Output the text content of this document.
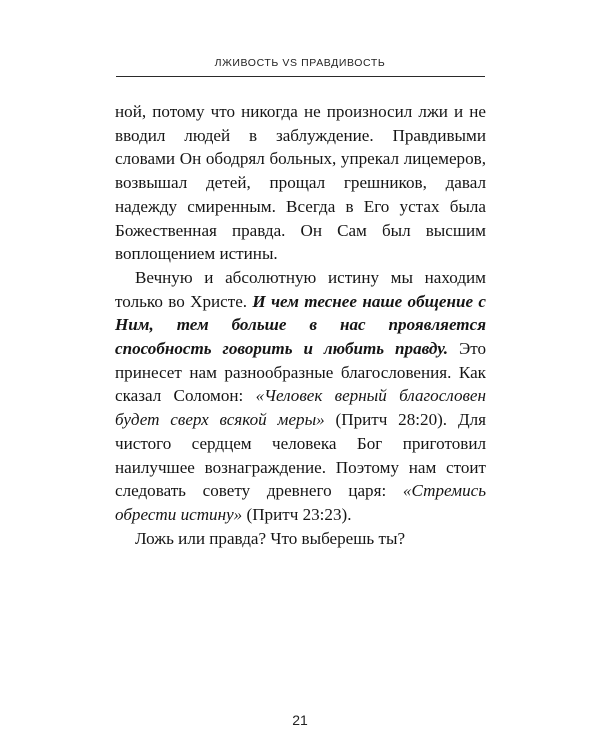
ЛЖИВОСТЬ VS ПРАВДИВОСТЬ

ной, потому что никогда не произносил лжи и не вводил людей в заблуждение. Правдивыми словами Он ободрял больных, упрекал лицемеров, возвышал детей, прощал грешников, давал надежду смиренным. Всегда в Его устах была Божественная правда. Он Сам был высшим воплощением истины.

Вечную и абсолютную истину мы находим только во Христе. И чем теснее наше общение с Ним, тем больше в нас проявляется способность говорить и любить правду. Это принесет нам разнообразные благословения. Как сказал Соломон: «Человек верный благословен будет сверх всякой меры» (Притч 28:20). Для чистого сердцем человека Бог приготовил наилучшее вознаграждение. Поэтому нам стоит следовать совету древнего царя: «Стремись обрести истину» (Притч 23:23).

Ложь или правда? Что выберешь ты?

21
